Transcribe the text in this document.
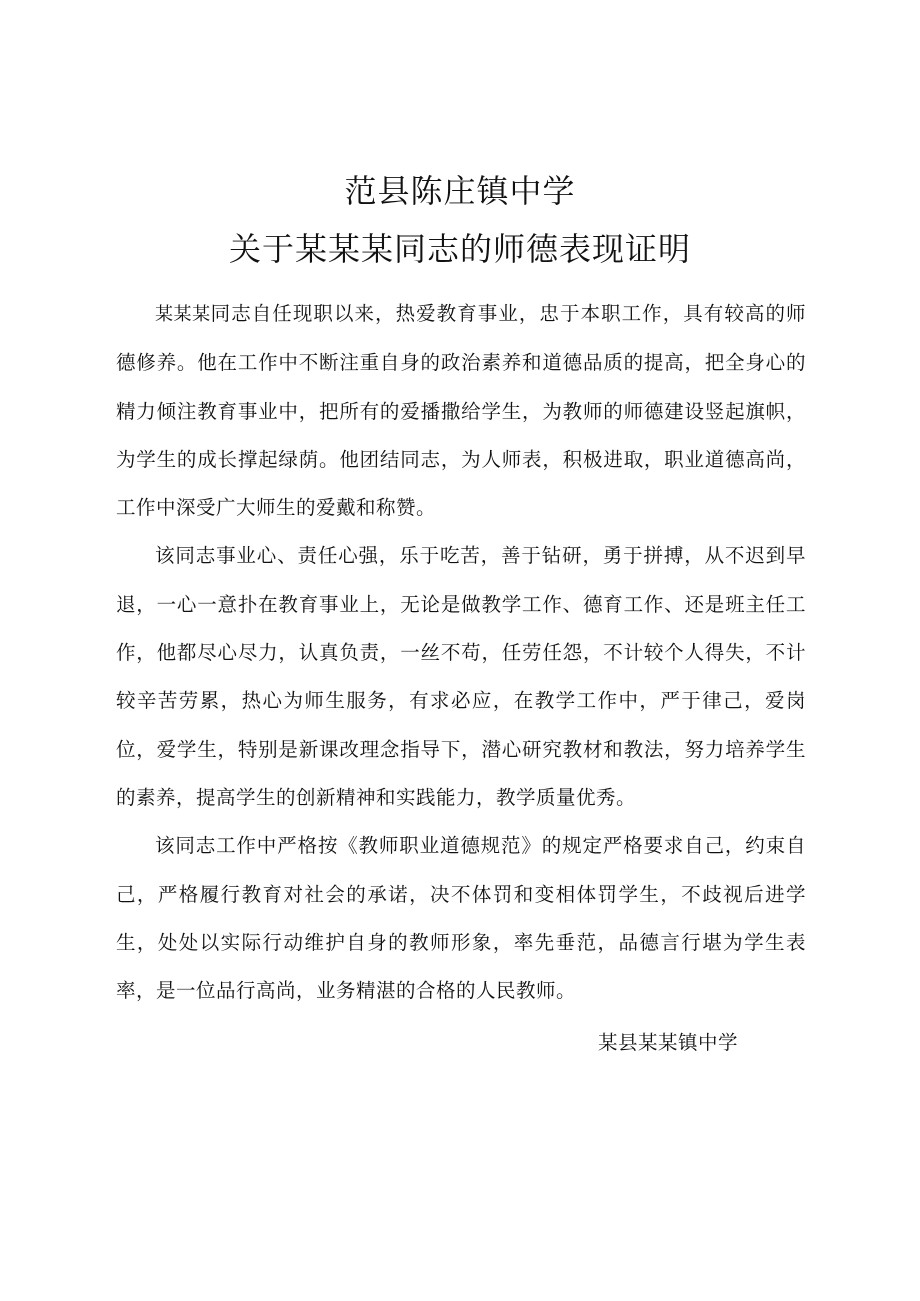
范县陈庄镇中学

关于某某某同志的师德表现证明

某某某同志自任现职以来，热爱教育事业，忠于本职工作，具有较高的师德修养。他在工作中不断注重自身的政治素养和道德品质的提高，把全身心的精力倾注教育事业中，把所有的爱播撒给学生，为教师的师德建设竖起旗帜，为学生的成长撑起绿荫。他团结同志，为人师表，积极进取，职业道德高尚，工作中深受广大师生的爱戴和称赞。

该同志事业心、责任心强，乐于吃苦，善于钻研，勇于拼搏，从不迟到早退，一心一意扑在教育事业上，无论是做教学工作、德育工作、还是班主任工作，他都尽心尽力，认真负责，一丝不苟，任劳任怨，不计较个人得失，不计较辛苦劳累，热心为师生服务，有求必应，在教学工作中，严于律己，爱岗位，爱学生，特别是新课改理念指导下，潜心研究教材和教法，努力培养学生的素养，提高学生的创新精神和实践能力，教学质量优秀。

该同志工作中严格按《教师职业道德规范》的规定严格要求自己，约束自己，严格履行教育对社会的承诺，决不体罚和变相体罚学生，不歧视后进学生，处处以实际行动维护自身的教师形象，率先垂范，品德言行堪为学生表率，是一位品行高尚，业务精湛的合格的人民教师。

某县某某镇中学
